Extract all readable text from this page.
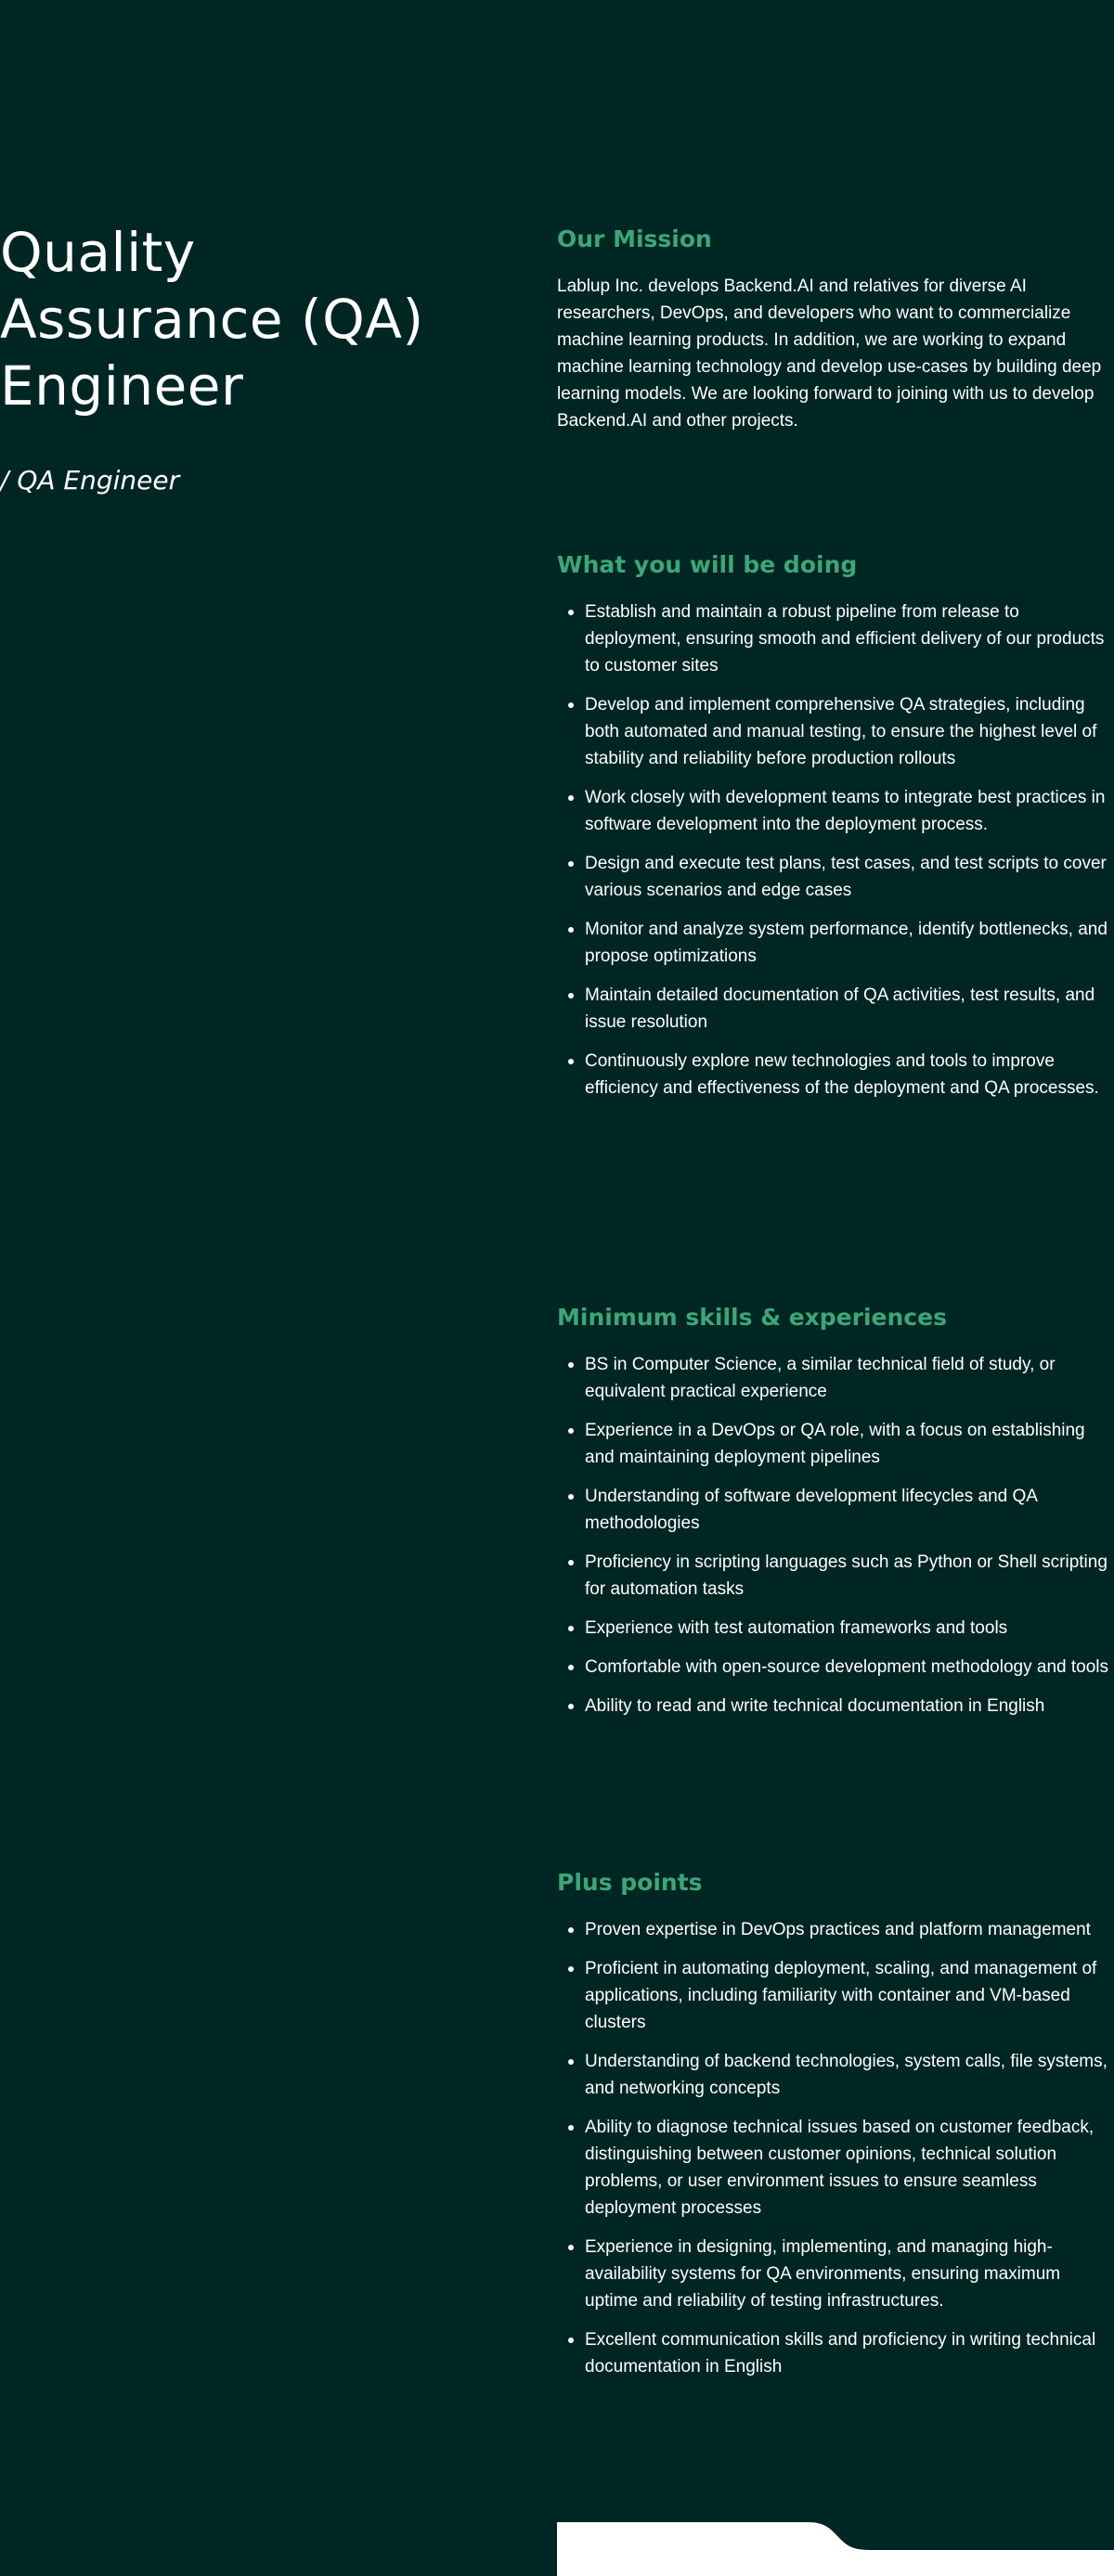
Quality Assurance (QA) Engineer
/ QA Engineer
Our Mission

Lablup Inc. develops Backend.AI and relatives for diverse AI researchers, DevOps, and developers who want to commercialize machine learning products. In addition, we are working to expand machine learning technology and develop use-cases by building deep learning models. We are looking forward to joining with us to develop Backend.AI and other projects.

What you will be doing
Establish and maintain a robust pipeline from release to deployment, ensuring smooth and efficient delivery of our products to customer sites
Develop and implement comprehensive QA strategies, including both automated and manual testing, to ensure the highest level of stability and reliability before production rollouts
Work closely with development teams to integrate best practices in software development into the deployment process.
Design and execute test plans, test cases, and test scripts to cover various scenarios and edge cases
Monitor and analyze system performance, identify bottlenecks, and propose optimizations
Maintain detailed documentation of QA activities, test results, and issue resolution
Continuously explore new technologies and tools to improve efficiency and effectiveness of the deployment and QA processes.
Minimum skills & experiences
BS in Computer Science, a similar technical field of study, or equivalent practical experience
Experience in a DevOps or QA role, with a focus on establishing and maintaining deployment pipelines
Understanding of software development lifecycles and QA methodologies
Proficiency in scripting languages such as Python or Shell scripting for automation tasks
Experience with test automation frameworks and tools
Comfortable with open-source development methodology and tools
Ability to read and write technical documentation in English
Plus points
Proven expertise in DevOps practices and platform management
Proficient in automating deployment, scaling, and management of applications, including familiarity with container and VM-based clusters
Understanding of backend technologies, system calls, file systems, and networking concepts
Ability to diagnose technical issues based on customer feedback, distinguishing between customer opinions, technical solution problems, or user environment issues to ensure seamless deployment processes
Experience in designing, implementing, and managing high-availability systems for QA environments, ensuring maximum uptime and reliability of testing infrastructures.
Excellent communication skills and proficiency in writing technical documentation in English
